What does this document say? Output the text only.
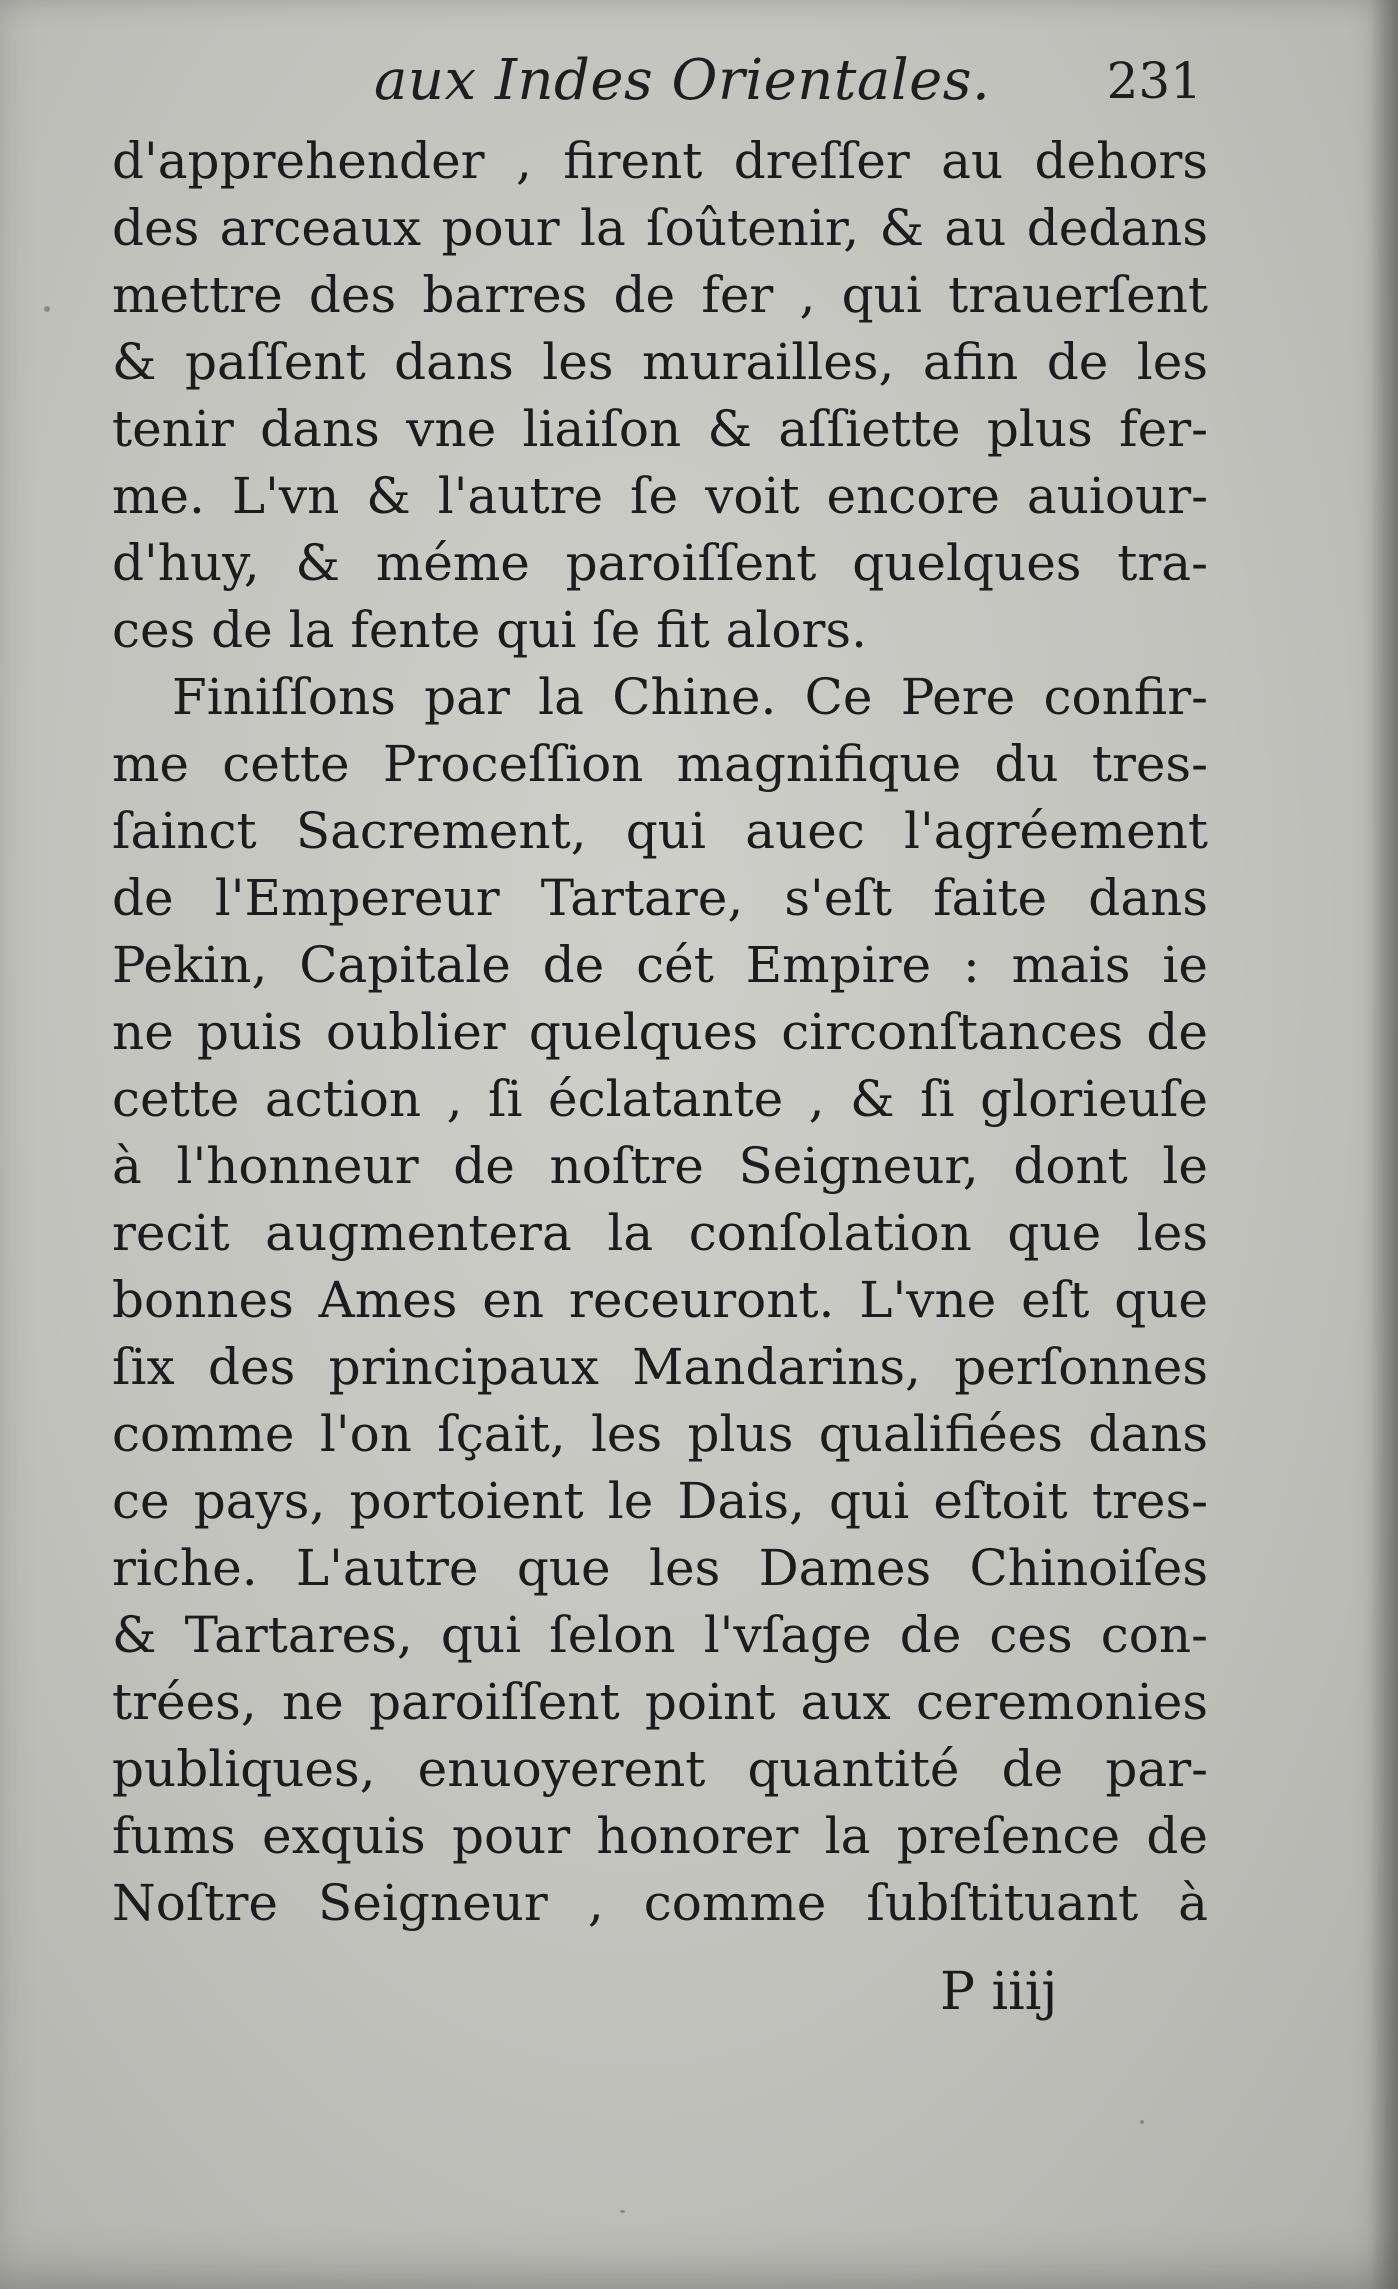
aux Indes Orientales. 231
d'apprehender , firent dreſſer au dehors
des arceaux pour la ſoûtenir, & au dedans
mettre des barres de fer , qui trauerſent
& paſſent dans les murailles, afin de les
tenir dans vne liaiſon & aſſiette plus fer-
me. L'vn & l'autre ſe voit encore auiour-
d'huy, & méme paroiſſent quelques tra-
ces de la fente qui ſe fit alors.
Finiſſons par la Chine. Ce Pere confir-
me cette Proceſſion magnifique du tres-
ſainct Sacrement, qui auec l'agréement
de l'Empereur Tartare, s'eſt faite dans
Pekin, Capitale de cét Empire : mais ie
ne puis oublier quelques circonſtances de
cette action , ſi éclatante , & ſi glorieuſe
à l'honneur de noſtre Seigneur, dont le
recit augmentera la conſolation que les
bonnes Ames en receuront. L'vne eſt que
ſix des principaux Mandarins, perſonnes
comme l'on ſçait, les plus qualifiées dans
ce pays, portoient le Dais, qui eſtoit tres-
riche. L'autre que les Dames Chinoiſes
& Tartares, qui ſelon l'vſage de ces con-
trées, ne paroiſſent point aux ceremonies
publiques, enuoyerent quantité de par-
fums exquis pour honorer la preſence de
Noſtre Seigneur , comme ſubſtituant à
P iiij
